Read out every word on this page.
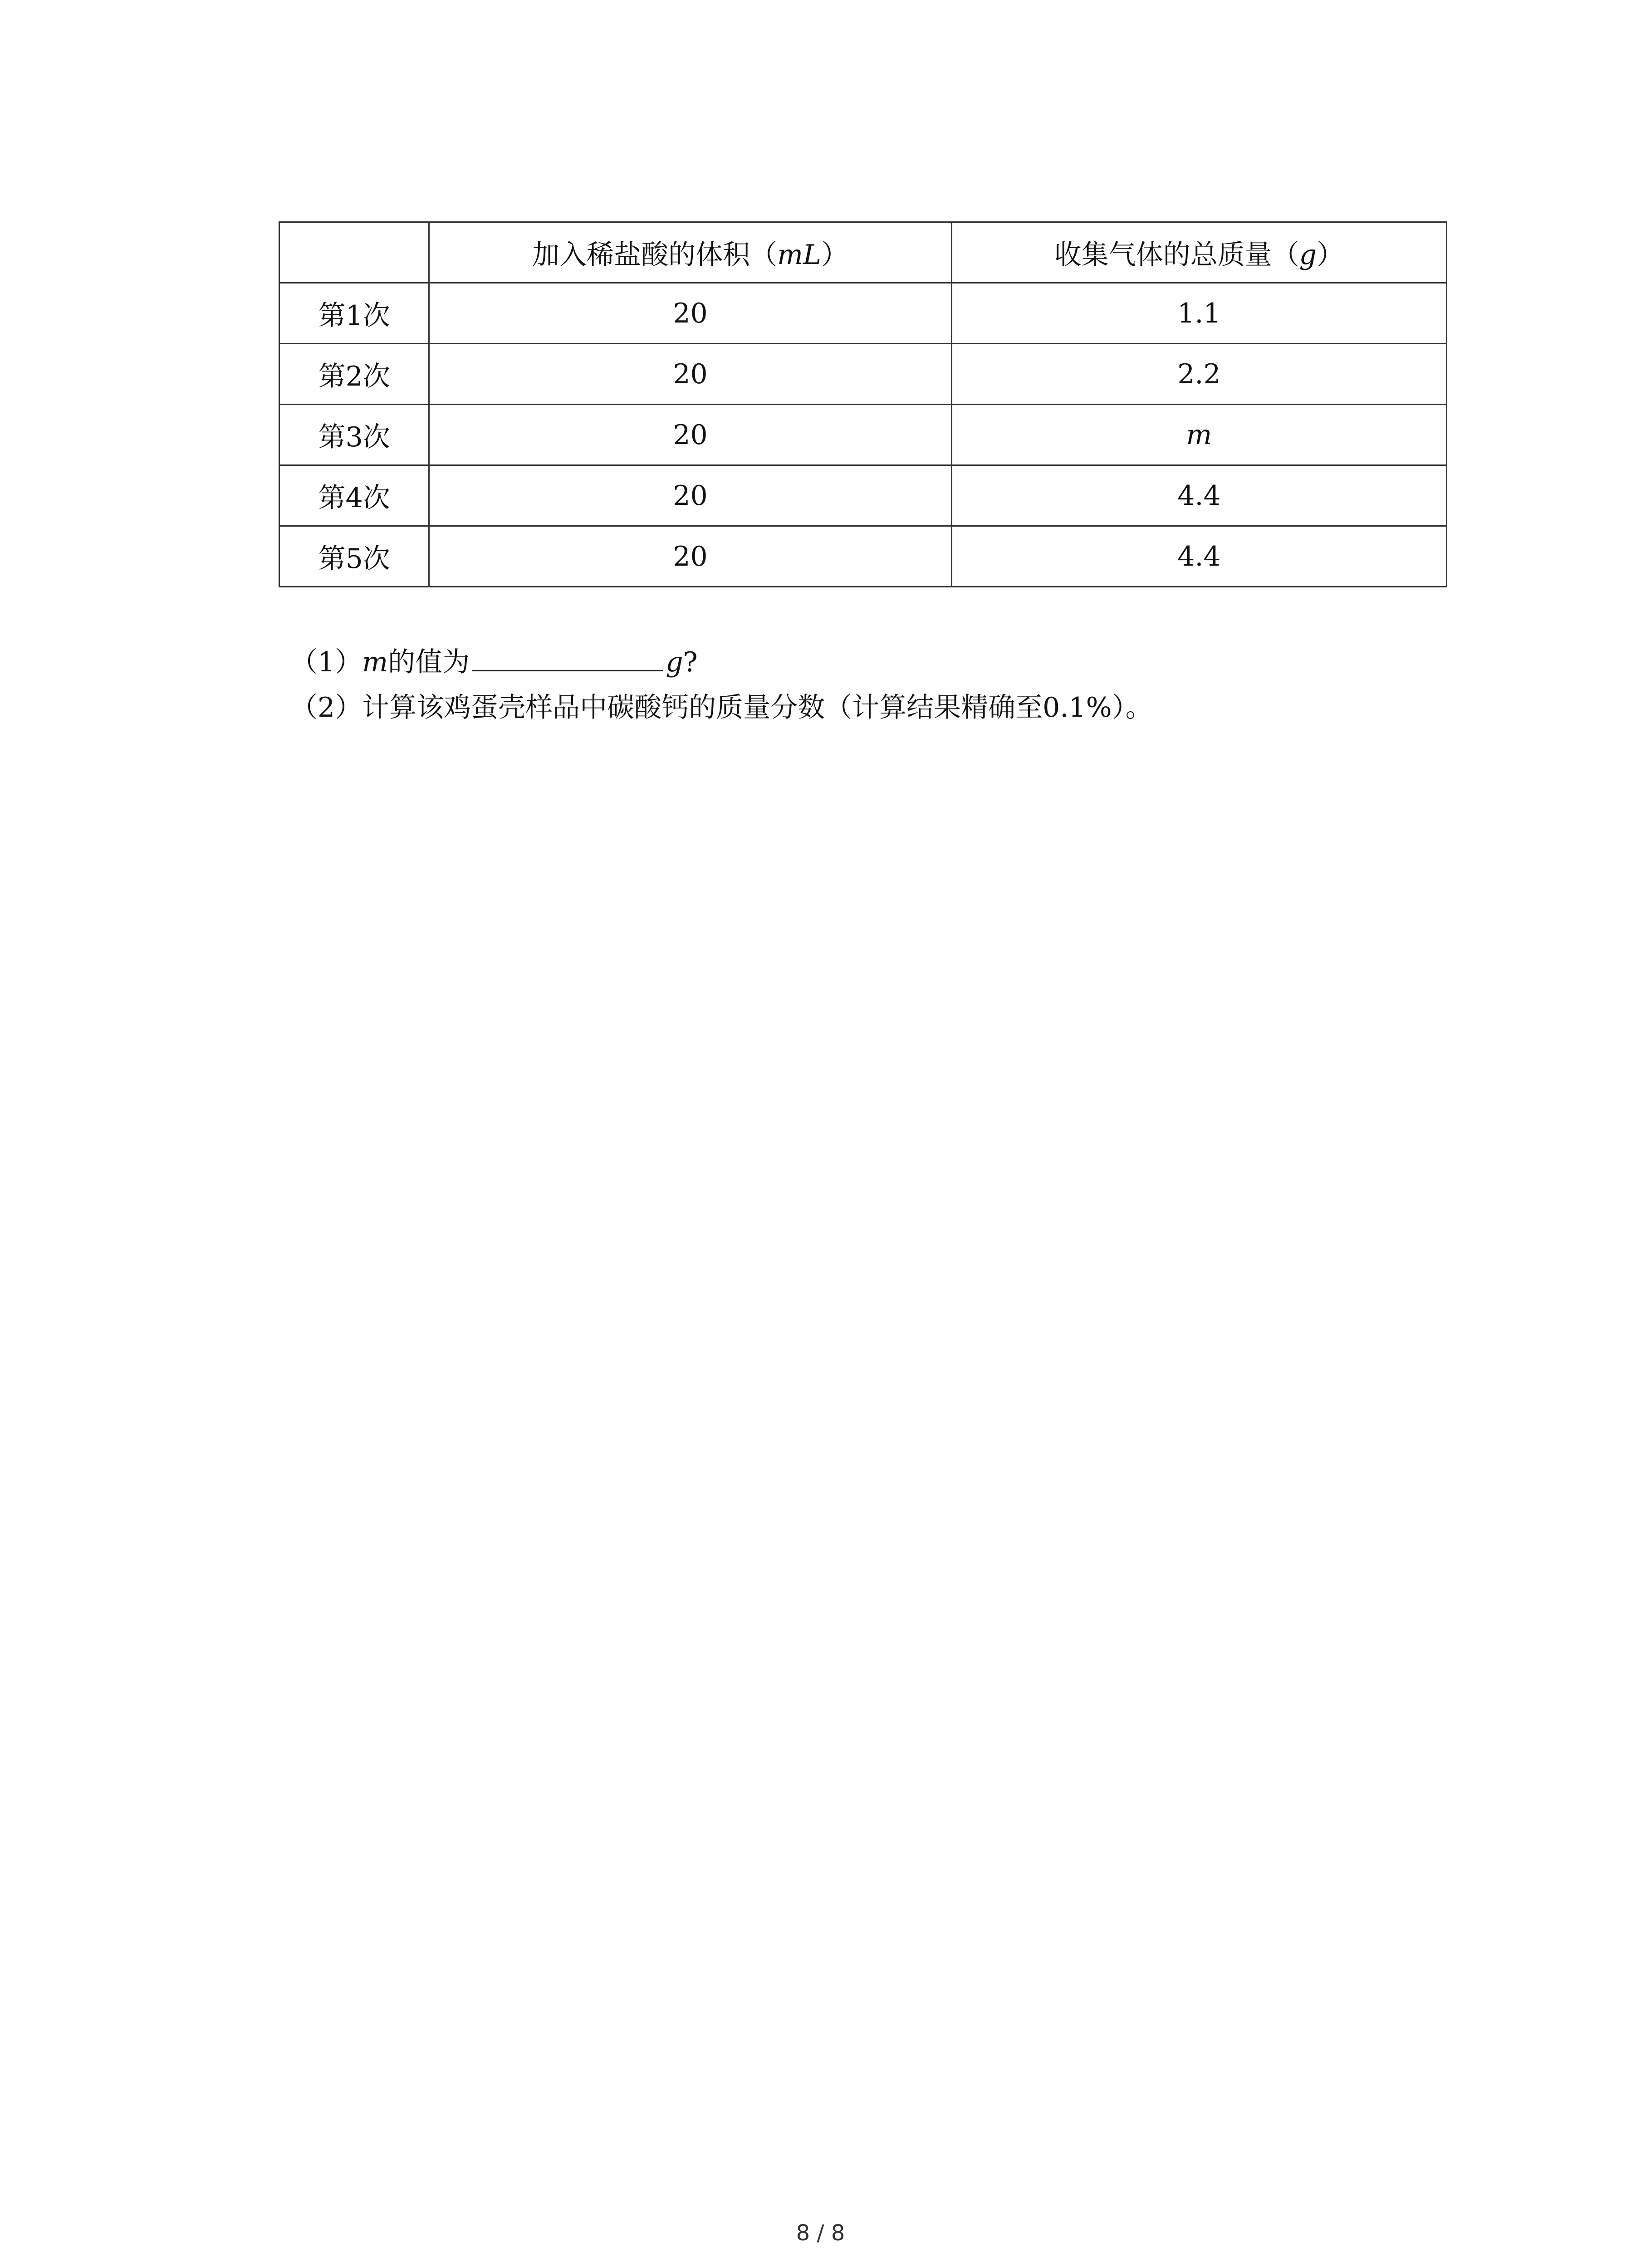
	加入稀盐酸的体积（mL）	收集气体的总质量（g）
第1次	20	1.1
第2次	20	2.2
第3次	20	m
第4次	20	4.4
第5次	20	4.4
（1）m的值为	g?
（2）计算该鸡蛋壳样品中碳酸钙的质量分数（计算结果精确至0.1%）。
8 / 8
